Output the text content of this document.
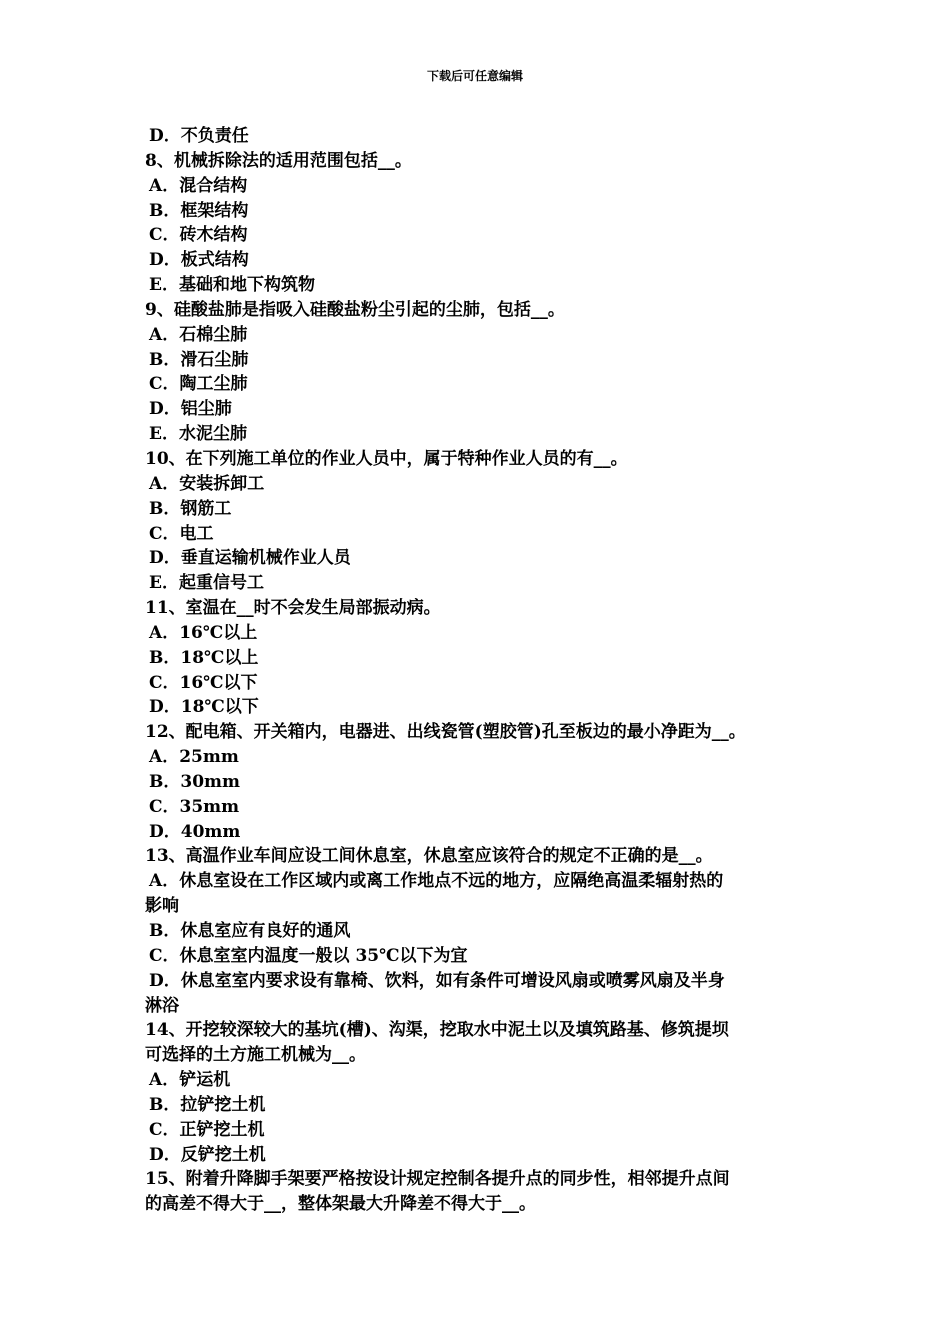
下载后可任意编辑
D．不负责任
8、机械拆除法的适用范围包括__。
A．混合结构
B．框架结构
C．砖木结构
D．板式结构
E．基础和地下构筑物
9、硅酸盐肺是指吸入硅酸盐粉尘引起的尘肺，包括__。
A．石棉尘肺
B．滑石尘肺
C．陶工尘肺
D．铝尘肺
E．水泥尘肺
10、在下列施工单位的作业人员中，属于特种作业人员的有__。
A．安装拆卸工
B．钢筋工
C．电工
D．垂直运输机械作业人员
E．起重信号工
11、室温在__时不会发生局部振动病。
A．16℃以上
B．18℃以上
C．16℃以下
D．18℃以下
12、配电箱、开关箱内，电器进、出线瓷管(塑胶管)孔至板边的最小净距为__。
A．25mm
B．30mm
C．35mm
D．40mm
13、高温作业车间应设工间休息室，休息室应该符合的规定不正确的是__。
A．休息室设在工作区域内或离工作地点不远的地方，应隔绝高温柔辐射热的
影响
B．休息室应有良好的通风
C．休息室室内温度一般以 35℃以下为宜
D．休息室室内要求设有靠椅、饮料，如有条件可增设风扇或喷雾风扇及半身
淋浴
14、开挖较深较大的基坑(槽)、沟渠，挖取水中泥土以及填筑路基、修筑提坝
可选择的土方施工机械为__。
A．铲运机
B．拉铲挖土机
C．正铲挖土机
D．反铲挖土机
15、附着升降脚手架要严格按设计规定控制各提升点的同步性，相邻提升点间
的高差不得大于__，整体架最大升降差不得大于__。
